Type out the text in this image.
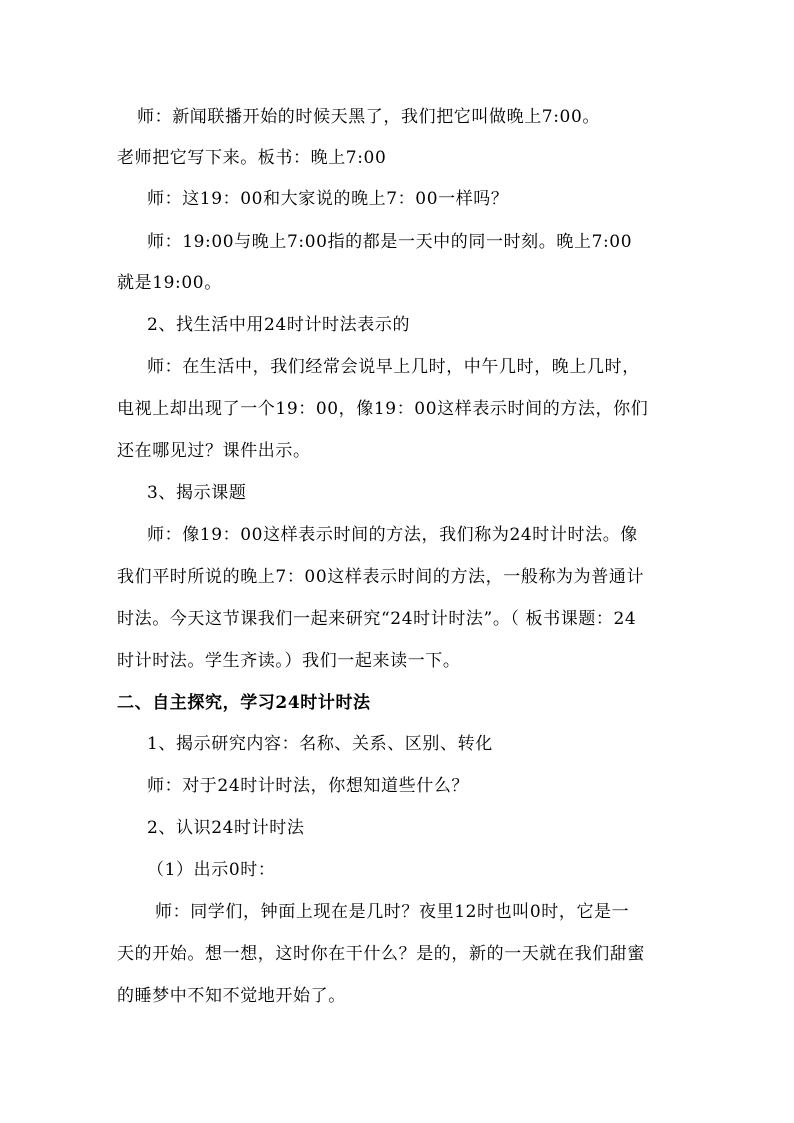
师：新闻联播开始的时候天黑了，我们把它叫做晚上7:00。
老师把它写下来。板书：晚上7:00
师：这19：00和大家说的晚上7：00一样吗？
师：19:00与晚上7:00指的都是一天中的同一时刻。晚上7:00
就是19:00。
2、找生活中用24时计时法表示的
师：在生活中，我们经常会说早上几时，中午几时，晚上几时，
电视上却出现了一个19：00，像19：00这样表示时间的方法，你们
还在哪见过？课件出示。
3、揭示课题
师：像19：00这样表示时间的方法，我们称为24时计时法。像
我们平时所说的晚上7：00这样表示时间的方法，一般称为为普通计
时法。今天这节课我们一起来研究“24时计时法”。（ 板书课题：24
时计时法。学生齐读。）我们一起来读一下。
二、自主探究，学习24时计时法
1、揭示研究内容：名称、关系、区别、转化
师：对于24时计时法，你想知道些什么？
2、认识24时计时法
（1）出示0时：
师：同学们，钟面上现在是几时？夜里12时也叫0时，它是一
天的开始。想一想，这时你在干什么？是的，新的一天就在我们甜蜜
的睡梦中不知不觉地开始了。
